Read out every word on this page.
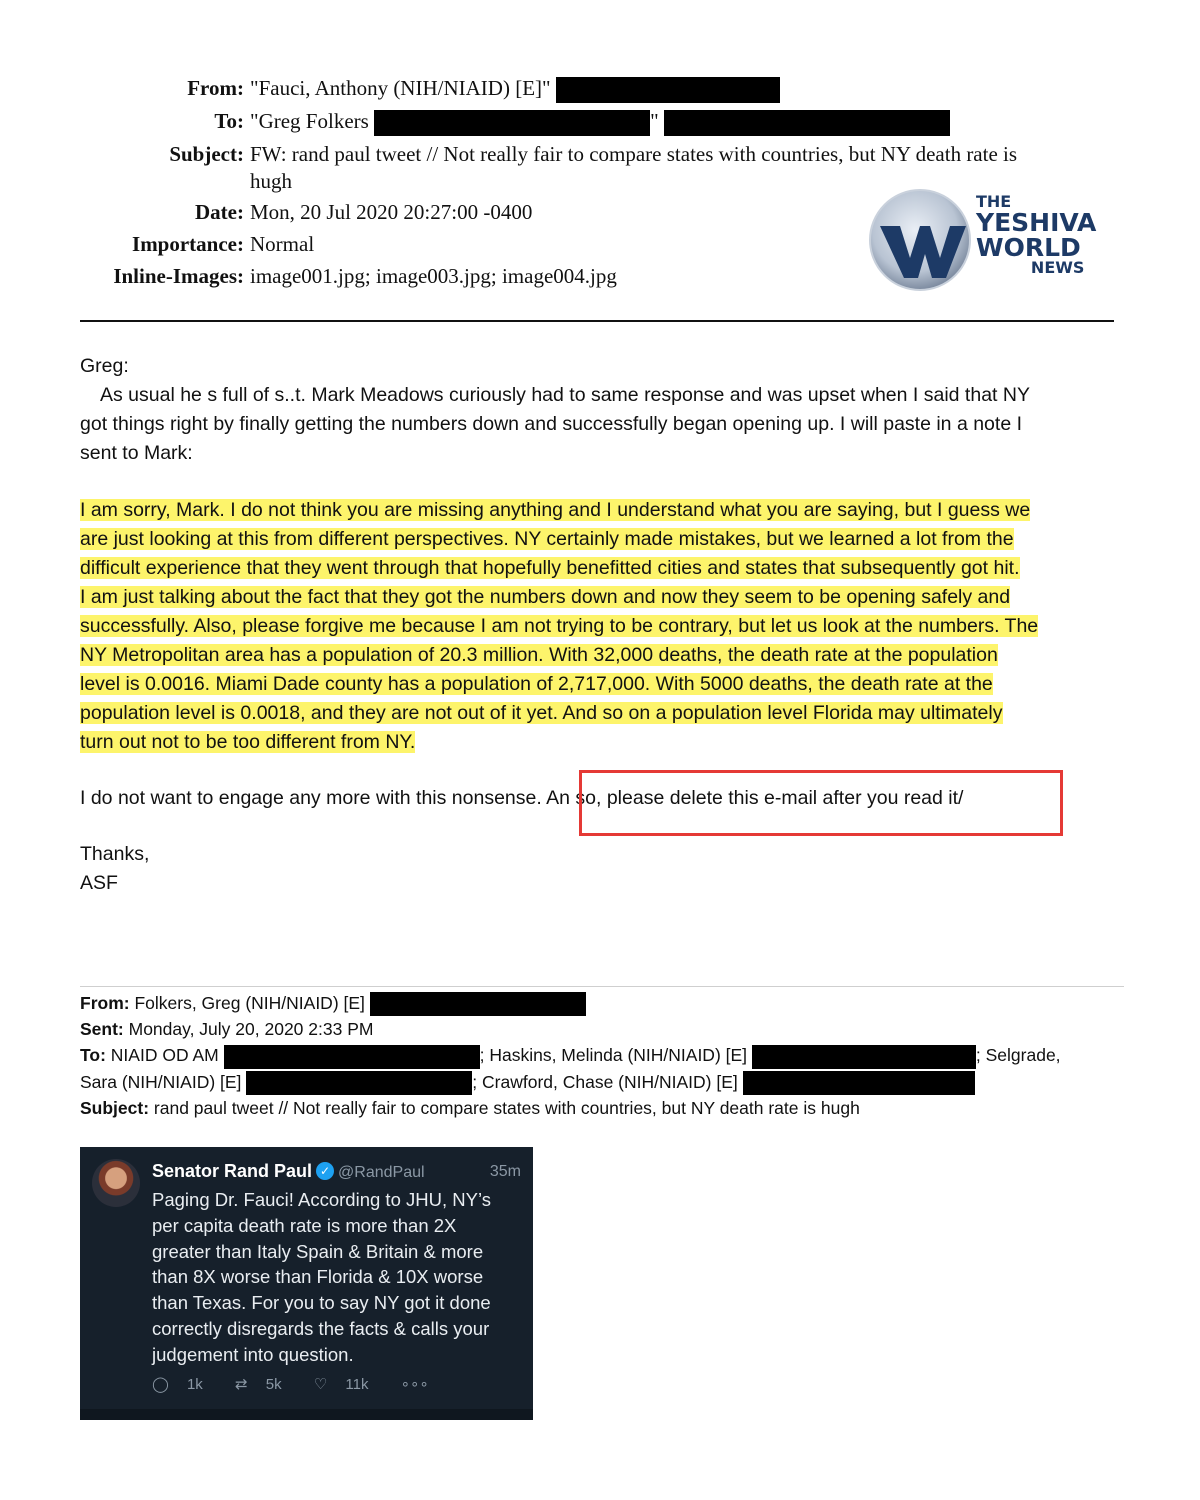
From: "Fauci, Anthony (NIH/NIAID) [E]"
To: "Greg Folkers	"
Subject: FW: rand paul tweet // Not really fair to compare states with countries, but NY death rate is
hugh
Date: Mon, 20 Jul 2020 20:27:00 -0400
Importance: Normal
Inline-Images: image001.jpg; image003.jpg; image004.jpg
THE
YESHIVA
WORLD
NEWS
Greg:
As usual he s full of s..t. Mark Meadows curiously had to same response and was upset when I said that NY
got things right by finally getting the numbers down and successfully began opening up. I will paste in a note I
sent to Mark:
I am sorry, Mark. I do not think you are missing anything and I understand what you are saying, but I guess we
are just looking at this from different perspectives. NY certainly made mistakes, but we learned a lot from the
difficult experience that they went through that hopefully benefitted cities and states that subsequently got hit.
I am just talking about the fact that they got the numbers down and now they seem to be opening safely and
successfully. Also, please forgive me because I am not trying to be contrary, but let us look at the numbers. The
NY Metropolitan area has a population of 20.3 million. With 32,000 deaths, the death rate at the population
level is 0.0016. Miami Dade county has a population of 2,717,000. With 5000 deaths, the death rate at the
population level is 0.0018, and they are not out of it yet. And so on a population level Florida may ultimately
turn out not to be too different from NY.
I do not want to engage any more with this nonsense. An so, please delete this e-mail after you read it/
Thanks,
ASF
From: Folkers, Greg (NIH/NIAID) [E]
Sent: Monday, July 20, 2020 2:33 PM
To: NIAID OD AM	; Haskins, Melinda (NIH/NIAID) [E]	; Selgrade,
Sara (NIH/NIAID) [E]	; Crawford, Chase (NIH/NIAID) [E]
Subject: rand paul tweet // Not really fair to compare states with countries, but NY death rate is hugh
Senator Rand Paul ✓ @RandPaul	35m
Paging Dr. Fauci! According to JHU, NY’s
per capita death rate is more than 2X
greater than Italy Spain & Britain & more
than 8X worse than Florida & 10X worse
than Texas. For you to say NY got it done
correctly disregards the facts & calls your
judgement into question.
◯ 1k ⇄ 5k ♡ 11k ∘∘∘
